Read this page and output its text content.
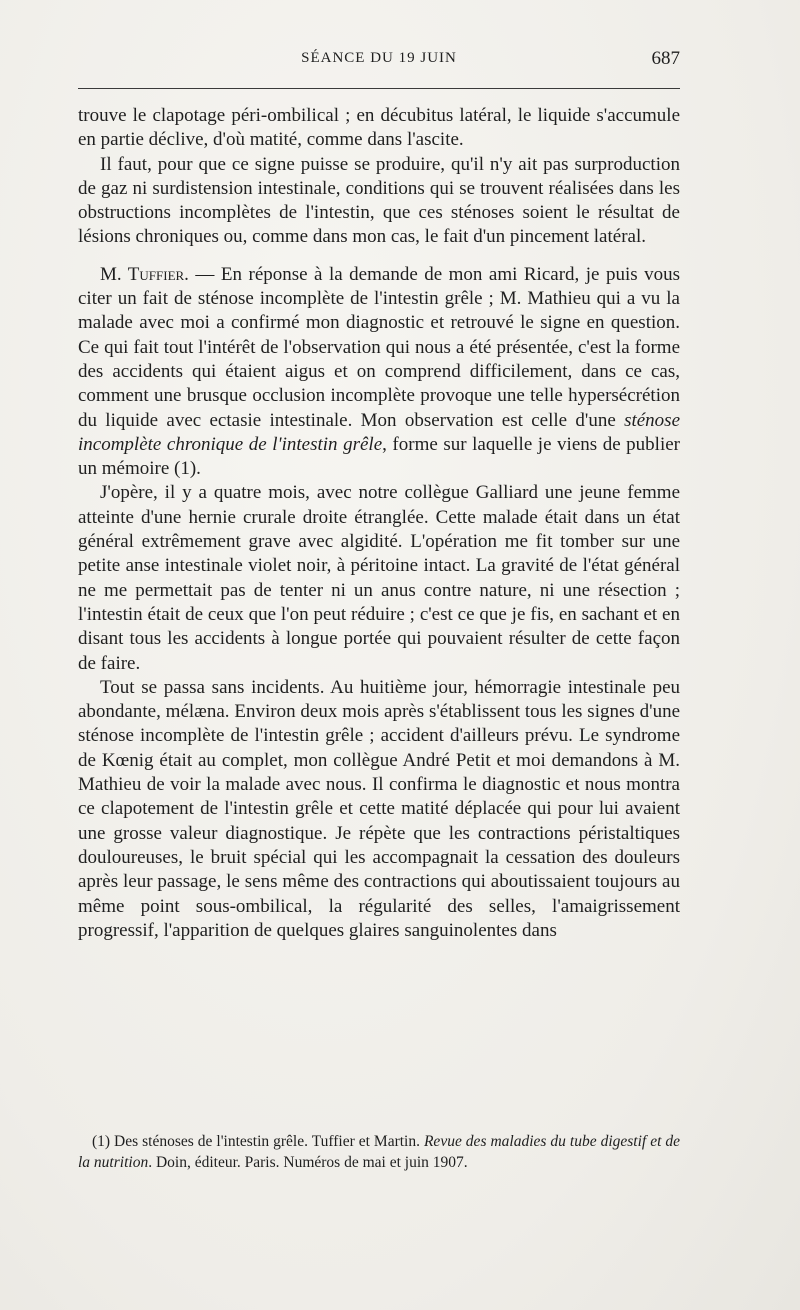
SÉANCE DU 19 JUIN	687

trouve le clapotage péri-ombilical ; en décubitus latéral, le liquide s'accumule en partie déclive, d'où matité, comme dans l'ascite.

Il faut, pour que ce signe puisse se produire, qu'il n'y ait pas surproduction de gaz ni surdistension intestinale, conditions qui se trouvent réalisées dans les obstructions incomplètes de l'intestin, que ces sténoses soient le résultat de lésions chroniques ou, comme dans mon cas, le fait d'un pincement latéral.

M. Tuffier. — En réponse à la demande de mon ami Ricard, je puis vous citer un fait de sténose incomplète de l'intestin grêle ; M. Mathieu qui a vu la malade avec moi a confirmé mon diagnostic et retrouvé le signe en question. Ce qui fait tout l'intérêt de l'observation qui nous a été présentée, c'est la forme des accidents qui étaient aigus et on comprend difficilement, dans ce cas, comment une brusque occlusion incomplète provoque une telle hypersécrétion du liquide avec ectasie intestinale. Mon observation est celle d'une sténose incomplète chronique de l'intestin grêle, forme sur laquelle je viens de publier un mémoire (1).

J'opère, il y a quatre mois, avec notre collègue Galliard une jeune femme atteinte d'une hernie crurale droite étranglée. Cette malade était dans un état général extrêmement grave avec algidité. L'opération me fit tomber sur une petite anse intestinale violet noir, à péritoine intact. La gravité de l'état général ne me permettait pas de tenter ni un anus contre nature, ni une résection ; l'intestin était de ceux que l'on peut réduire ; c'est ce que je fis, en sachant et en disant tous les accidents à longue portée qui pouvaient résulter de cette façon de faire.

Tout se passa sans incidents. Au huitième jour, hémorragie intestinale peu abondante, mélæna. Environ deux mois après s'établissent tous les signes d'une sténose incomplète de l'intestin grêle ; accident d'ailleurs prévu. Le syndrome de Kœnig était au complet, mon collègue André Petit et moi demandons à M. Mathieu de voir la malade avec nous. Il confirma le diagnostic et nous montra ce clapotement de l'intestin grêle et cette matité déplacée qui pour lui avaient une grosse valeur diagnostique. Je répète que les contractions péristaltiques douloureuses, le bruit spécial qui les accompagnait la cessation des douleurs après leur passage, le sens même des contractions qui aboutissaient toujours au même point sous-ombilical, la régularité des selles, l'amaigrissement progressif, l'apparition de quelques glaires sanguinolentes dans

(1) Des sténoses de l'intestin grêle. Tuffier et Martin. Revue des maladies du tube digestif et de la nutrition. Doin, éditeur. Paris. Numéros de mai et juin 1907.
